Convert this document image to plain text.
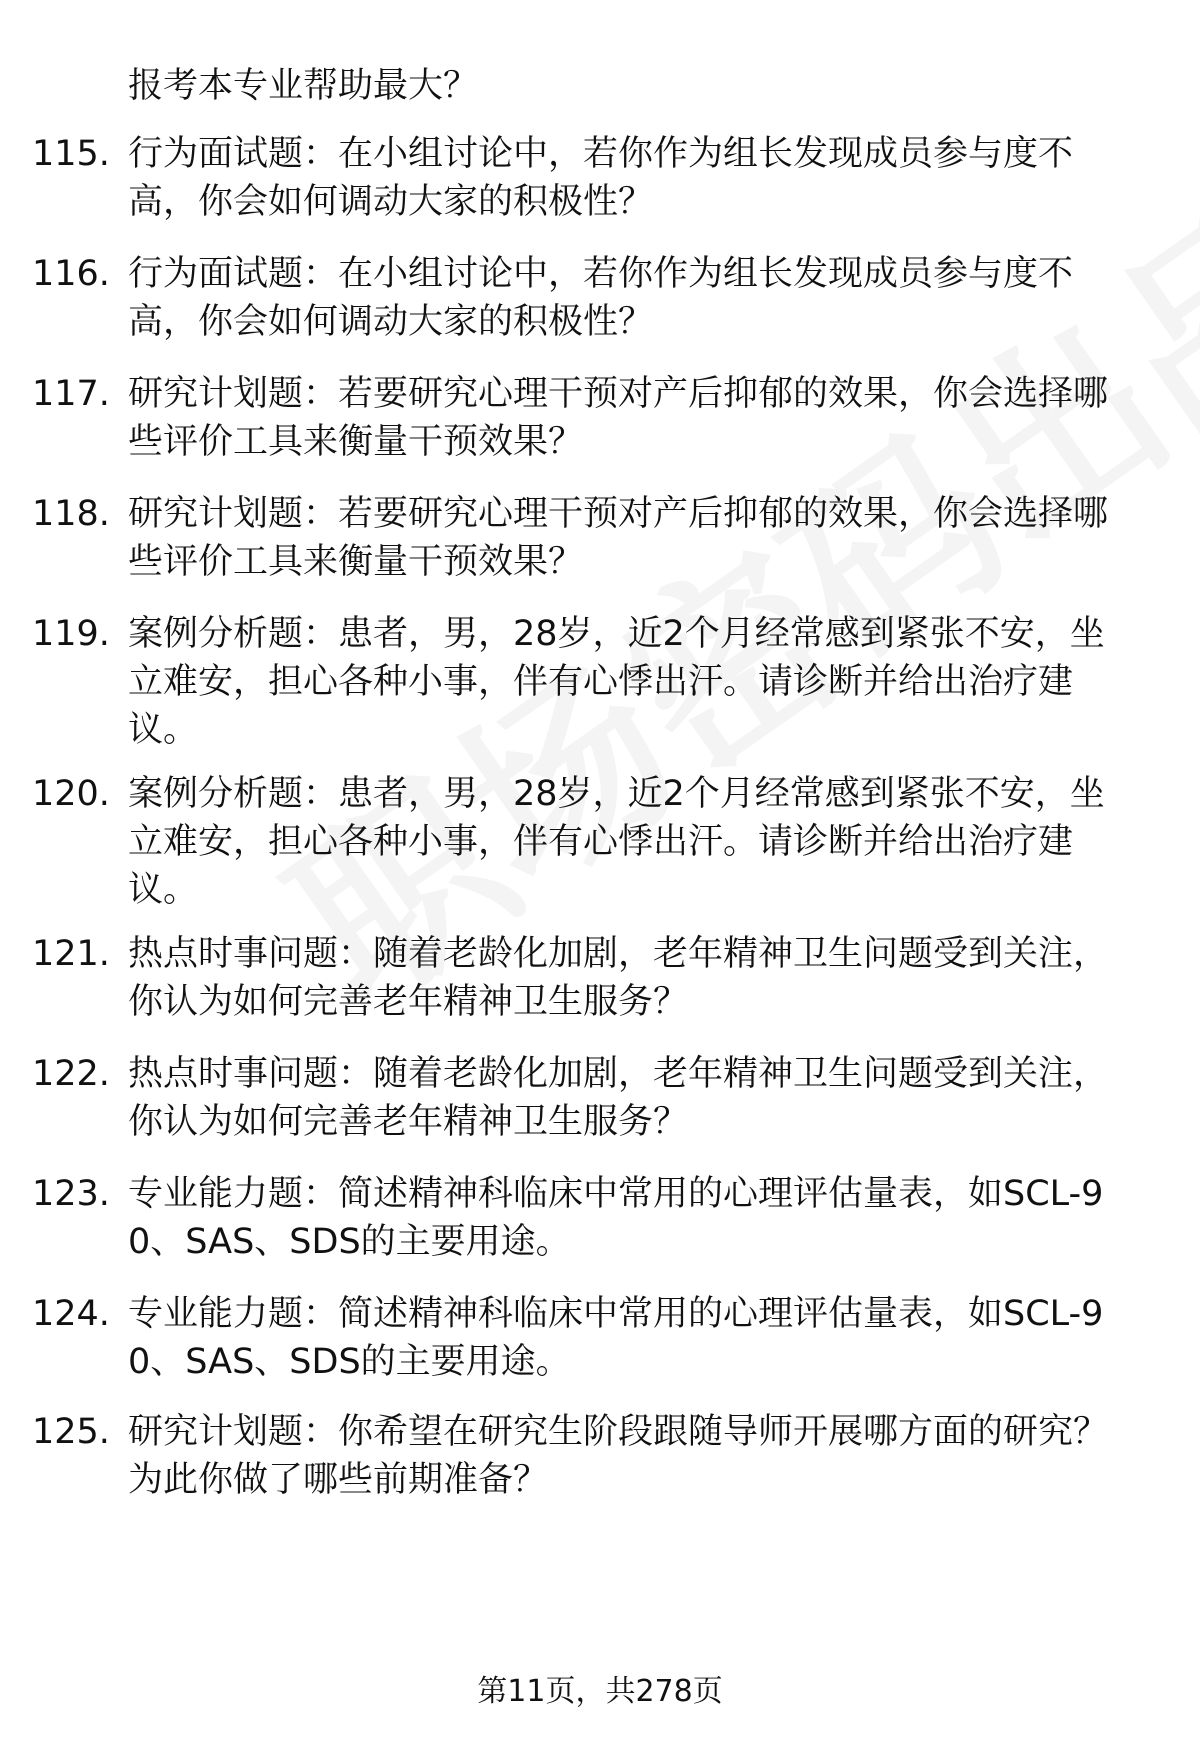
报考本专业帮助最大？
115. 行为面试题：在小组讨论中，若你作为组长发现成员参与度不高，你会如何调动大家的积极性？
116. 行为面试题：在小组讨论中，若你作为组长发现成员参与度不高，你会如何调动大家的积极性？
117. 研究计划题：若要研究心理干预对产后抑郁的效果，你会选择哪些评价工具来衡量干预效果？
118. 研究计划题：若要研究心理干预对产后抑郁的效果，你会选择哪些评价工具来衡量干预效果？
119. 案例分析题：患者，男，28岁，近2个月经常感到紧张不安，坐立难安，担心各种小事，伴有心悸出汗。请诊断并给出治疗建议。
120. 案例分析题：患者，男，28岁，近2个月经常感到紧张不安，坐立难安，担心各种小事，伴有心悸出汗。请诊断并给出治疗建议。
121. 热点时事问题：随着老龄化加剧，老年精神卫生问题受到关注，你认为如何完善老年精神卫生服务？
122. 热点时事问题：随着老龄化加剧，老年精神卫生问题受到关注，你认为如何完善老年精神卫生服务？
123. 专业能力题：简述精神科临床中常用的心理评估量表，如SCL-90、SAS、SDS的主要用途。
124. 专业能力题：简述精神科临床中常用的心理评估量表，如SCL-90、SAS、SDS的主要用途。
125. 研究计划题：你希望在研究生阶段跟随导师开展哪方面的研究？为此你做了哪些前期准备？
第11页，共278页
